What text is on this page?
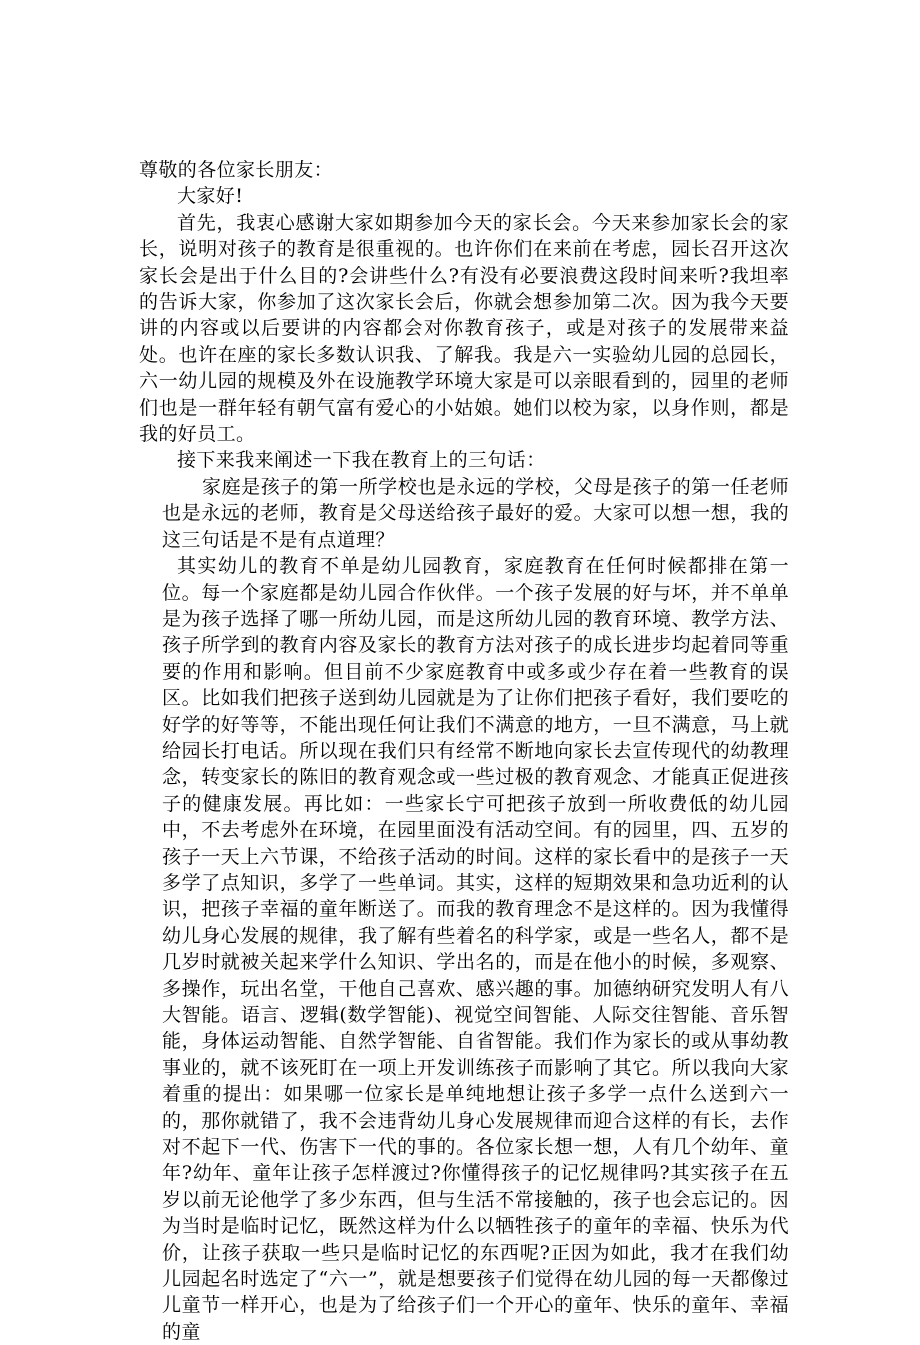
尊敬的各位家长朋友：

大家好!

首先，我衷心感谢大家如期参加今天的家长会。今天来参加家长会的家长，说明对孩子的教育是很重视的。也许你们在来前在考虑，园长召开这次家长会是出于什么目的?会讲些什么?有没有必要浪费这段时间来听?我坦率的告诉大家，你参加了这次家长会后，你就会想参加第二次。因为我今天要讲的内容或以后要讲的内容都会对你教育孩子，或是对孩子的发展带来益处。也许在座的家长多数认识我、了解我。我是六一实验幼儿园的总园长，六一幼儿园的规模及外在设施教学环境大家是可以亲眼看到的，园里的老师们也是一群年轻有朝气富有爱心的小姑娘。她们以校为家，以身作则，都是我的好员工。

接下来我来阐述一下我在教育上的三句话：

家庭是孩子的第一所学校也是永远的学校，父母是孩子的第一任老师也是永远的老师，教育是父母送给孩子最好的爱。大家可以想一想，我的这三句话是不是有点道理？

其实幼儿的教育不单是幼儿园教育，家庭教育在任何时候都排在第一位。每一个家庭都是幼儿园合作伙伴。一个孩子发展的好与坏，并不单单是为孩子选择了哪一所幼儿园，而是这所幼儿园的教育环境、教学方法、孩子所学到的教育内容及家长的教育方法对孩子的成长进步均起着同等重要的作用和影响。但目前不少家庭教育中或多或少存在着一些教育的误区。比如我们把孩子送到幼儿园就是为了让你们把孩子看好，我们要吃的好学的好等等，不能出现任何让我们不满意的地方，一旦不满意，马上就给园长打电话。所以现在我们只有经常不断地向家长去宣传现代的幼教理念，转变家长的陈旧的教育观念或一些过极的教育观念、才能真正促进孩子的健康发展。再比如：一些家长宁可把孩子放到一所收费低的幼儿园中，不去考虑外在环境，在园里面没有活动空间。有的园里，四、五岁的孩子一天上六节课，不给孩子活动的时间。这样的家长看中的是孩子一天多学了点知识，多学了一些单词。其实，这样的短期效果和急功近利的认识，把孩子幸福的童年断送了。而我的教育理念不是这样的。因为我懂得幼儿身心发展的规律，我了解有些着名的科学家，或是一些名人，都不是几岁时就被关起来学什么知识、学出名的，而是在他小的时候，多观察、多操作，玩出名堂，干他自己喜欢、感兴趣的事。加德纳研究发明人有八大智能。语言、逻辑(数学智能)、视觉空间智能、人际交往智能、音乐智能，身体运动智能、自然学智能、自省智能。我们作为家长的或从事幼教事业的，就不该死盯在一项上开发训练孩子而影响了其它。所以我向大家着重的提出：如果哪一位家长是单纯地想让孩子多学一点什么送到六一的，那你就错了，我不会违背幼儿身心发展规律而迎合这样的有长，去作对不起下一代、伤害下一代的事的。各位家长想一想，人有几个幼年、童年?幼年、童年让孩子怎样渡过?你懂得孩子的记忆规律吗?其实孩子在五岁以前无论他学了多少东西，但与生活不常接触的，孩子也会忘记的。因为当时是临时记忆，既然这样为什么以牺牲孩子的童年的幸福、快乐为代价，让孩子获取一些只是临时记忆的东西呢?正因为如此，我才在我们幼儿园起名时选定了“六一”，就是想要孩子们觉得在幼儿园的每一天都像过儿童节一样开心，也是为了给孩子们一个开心的童年、快乐的童年、幸福的童
